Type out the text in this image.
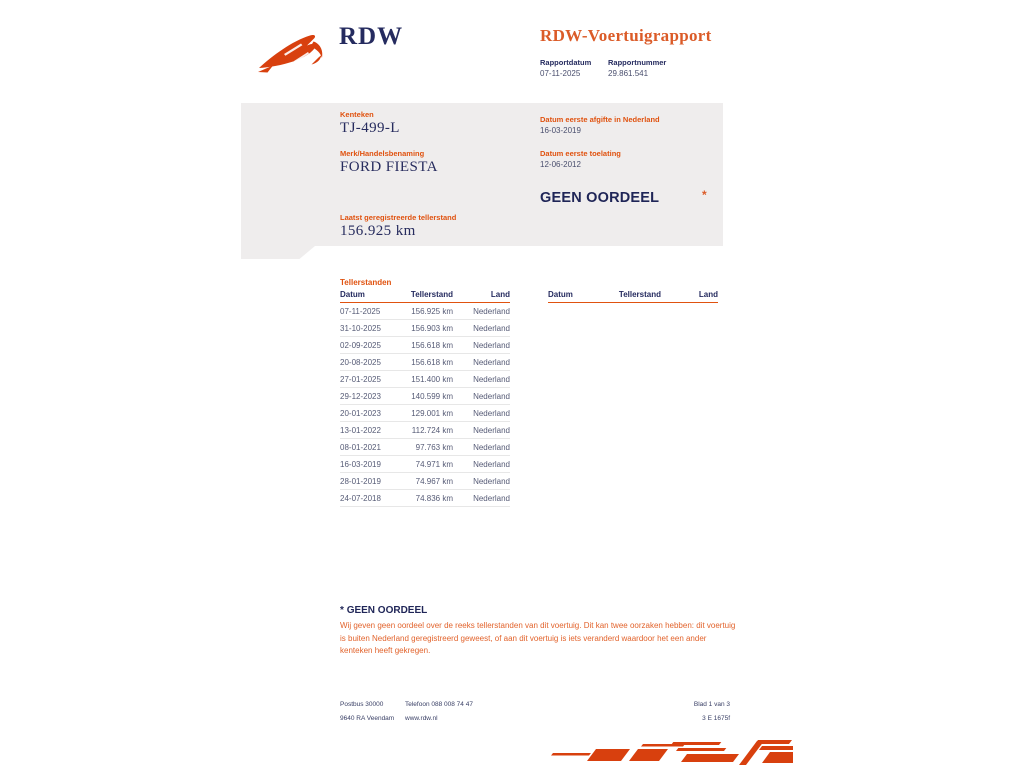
RDW	RDW-Voertuigrapport
Rapportdatum Rapportnummer
07-11-2025	29.861.541
Kenteken
TJ-499-L
Merk/Handelsbenaming
FORD FIESTA
Laatst geregistreerde tellerstand
156.925 km
Datum eerste afgifte in Nederland
16-03-2019
Datum eerste toelating
12-06-2012
GEEN OORDEEL	*
Tellerstanden
Datum	Tellerstand	Land
07-11-2025	156.925 km	Nederland
31-10-2025	156.903 km	Nederland
02-09-2025	156.618 km	Nederland
20-08-2025	156.618 km	Nederland
27-01-2025	151.400 km	Nederland
29-12-2023	140.599 km	Nederland
20-01-2023	129.001 km	Nederland
13-01-2022	112.724 km	Nederland
08-01-2021	97.763 km	Nederland
16-03-2019	74.971 km	Nederland
28-01-2019	74.967 km	Nederland
24-07-2018	74.836 km	Nederland
Datum	Tellerstand	Land
* GEEN OORDEEL
Wij geven geen oordeel over de reeks tellerstanden van dit voertuig. Dit kan twee oorzaken hebben: dit voertuig is buiten Nederland geregistreerd geweest, of aan dit voertuig is iets veranderd waardoor het een ander kenteken heeft gekregen.
Postbus 30000
9640 RA Veendam
Telefoon 088 008 74 47
www.rdw.nl
Blad 1 van 3
3 E 1675f
